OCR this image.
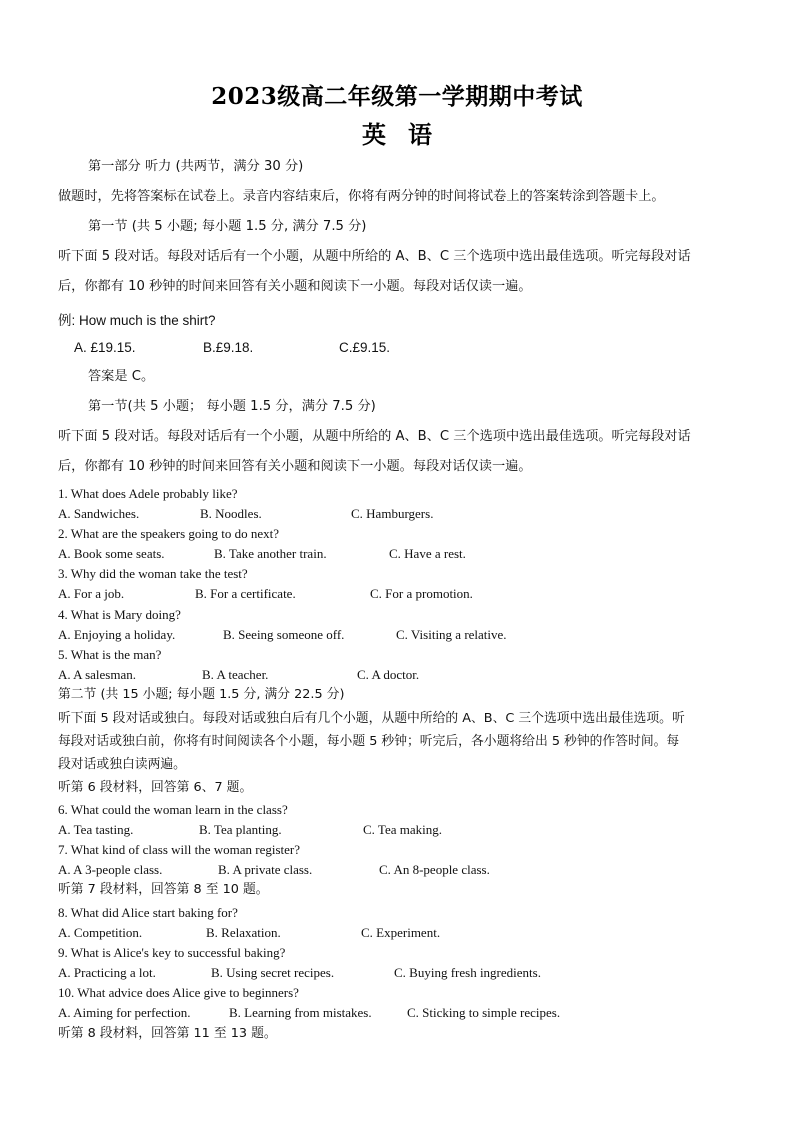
2023级高二年级第一学期期中考试
英语
第一部分 听力 (共两节，满分 30 分)
做题时，先将答案标在试卷上。录音内容结束后，你将有两分钟的时间将试卷上的答案转涂到答题卡上。
第一节 (共 5 小题; 每小题 1.5 分, 满分 7.5 分)
听下面 5 段对话。每段对话后有一个小题，从题中所给的 A、B、C 三个选项中选出最佳选项。听完每段对话
后，你都有 10 秒钟的时间来回答有关小题和阅读下一小题。每段对话仅读一遍。
例: How much is the shirt?
A. £19.15.	B.£9.18.	C.£9.15.
答案是 C。
第一节(共 5 小题； 每小题 1.5 分，满分 7.5 分)
听下面 5 段对话。每段对话后有一个小题，从题中所给的 A、B、C 三个选项中选出最佳选项。听完每段对话
后，你都有 10 秒钟的时间来回答有关小题和阅读下一小题。每段对话仅读一遍。
1. What does Adele probably like?
A. Sandwiches.	B. Noodles.	C. Hamburgers.
2. What are the speakers going to do next?
A. Book some seats.	B. Take another train.	C. Have a rest.
3. Why did the woman take the test?
A. For a job.	B. For a certificate.	C. For a promotion.
4. What is Mary doing?
A. Enjoying a holiday.	B. Seeing someone off.	C. Visiting a relative.
5. What is the man?
A. A salesman.	B. A teacher.	C. A doctor.
第二节 (共 15 小题; 每小题 1.5 分, 满分 22.5 分)
听下面 5 段对话或独白。每段对话或独白后有几个小题，从题中所给的 A、B、C 三个选项中选出最佳选项。听
每段对话或独白前，你将有时间阅读各个小题，每小题 5 秒钟；听完后，各小题将给出 5 秒钟的作答时间。每
段对话或独白读两遍。
听第 6 段材料，回答第 6、7 题。
6. What could the woman learn in the class?
A. Tea tasting.	B. Tea planting.	C. Tea making.
7. What kind of class will the woman register?
A. A 3-people class.	B. A private class.	C. An 8-people class.
听第 7 段材料，回答第 8 至 10 题。
8. What did Alice start baking for?
A. Competition.	B. Relaxation.	C. Experiment.
9. What is Alice's key to successful baking?
A. Practicing a lot.	B. Using secret recipes.	C. Buying fresh ingredients.
10. What advice does Alice give to beginners?
A. Aiming for perfection.	B. Learning from mistakes.	C. Sticking to simple recipes.
听第 8 段材料，回答第 11 至 13 题。
